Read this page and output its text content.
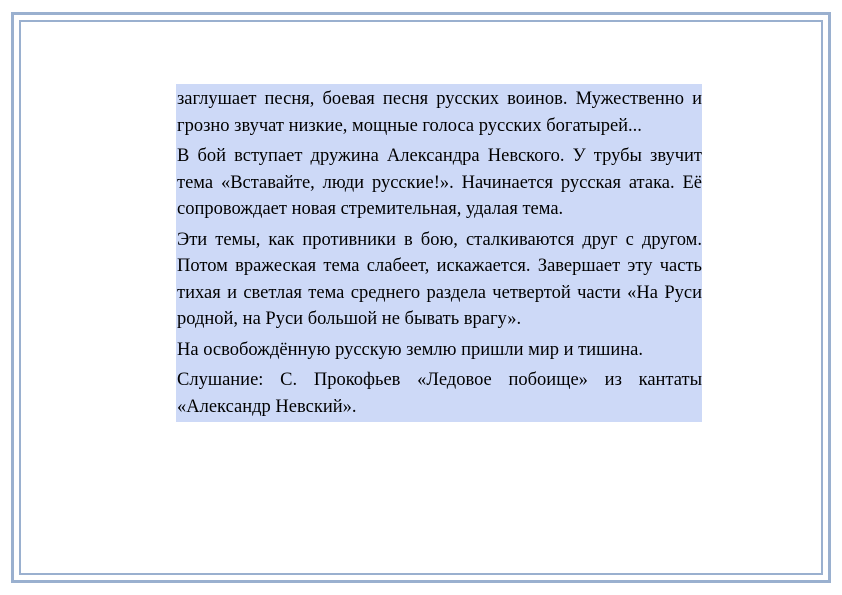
заглушает песня, боевая песня русских воинов. Мужественно и грозно звучат низкие, мощные голоса русских богатырей...

В бой вступает дружина Александра Невского. У трубы звучит тема «Вставайте, люди русские!». Начинается русская атака. Её сопровождает новая стремительная, удалая тема.

Эти темы, как противники в бою, сталкиваются друг с другом. Потом вражеская тема слабеет, искажается. Завершает эту часть тихая и светлая тема среднего раздела четвертой части «На Руси родной, на Руси большой не бывать врагу».

На освобождённую русскую землю пришли мир и тишина.

Слушание: С. Прокофьев «Ледовое побоище» из кантаты «Александр Невский».
